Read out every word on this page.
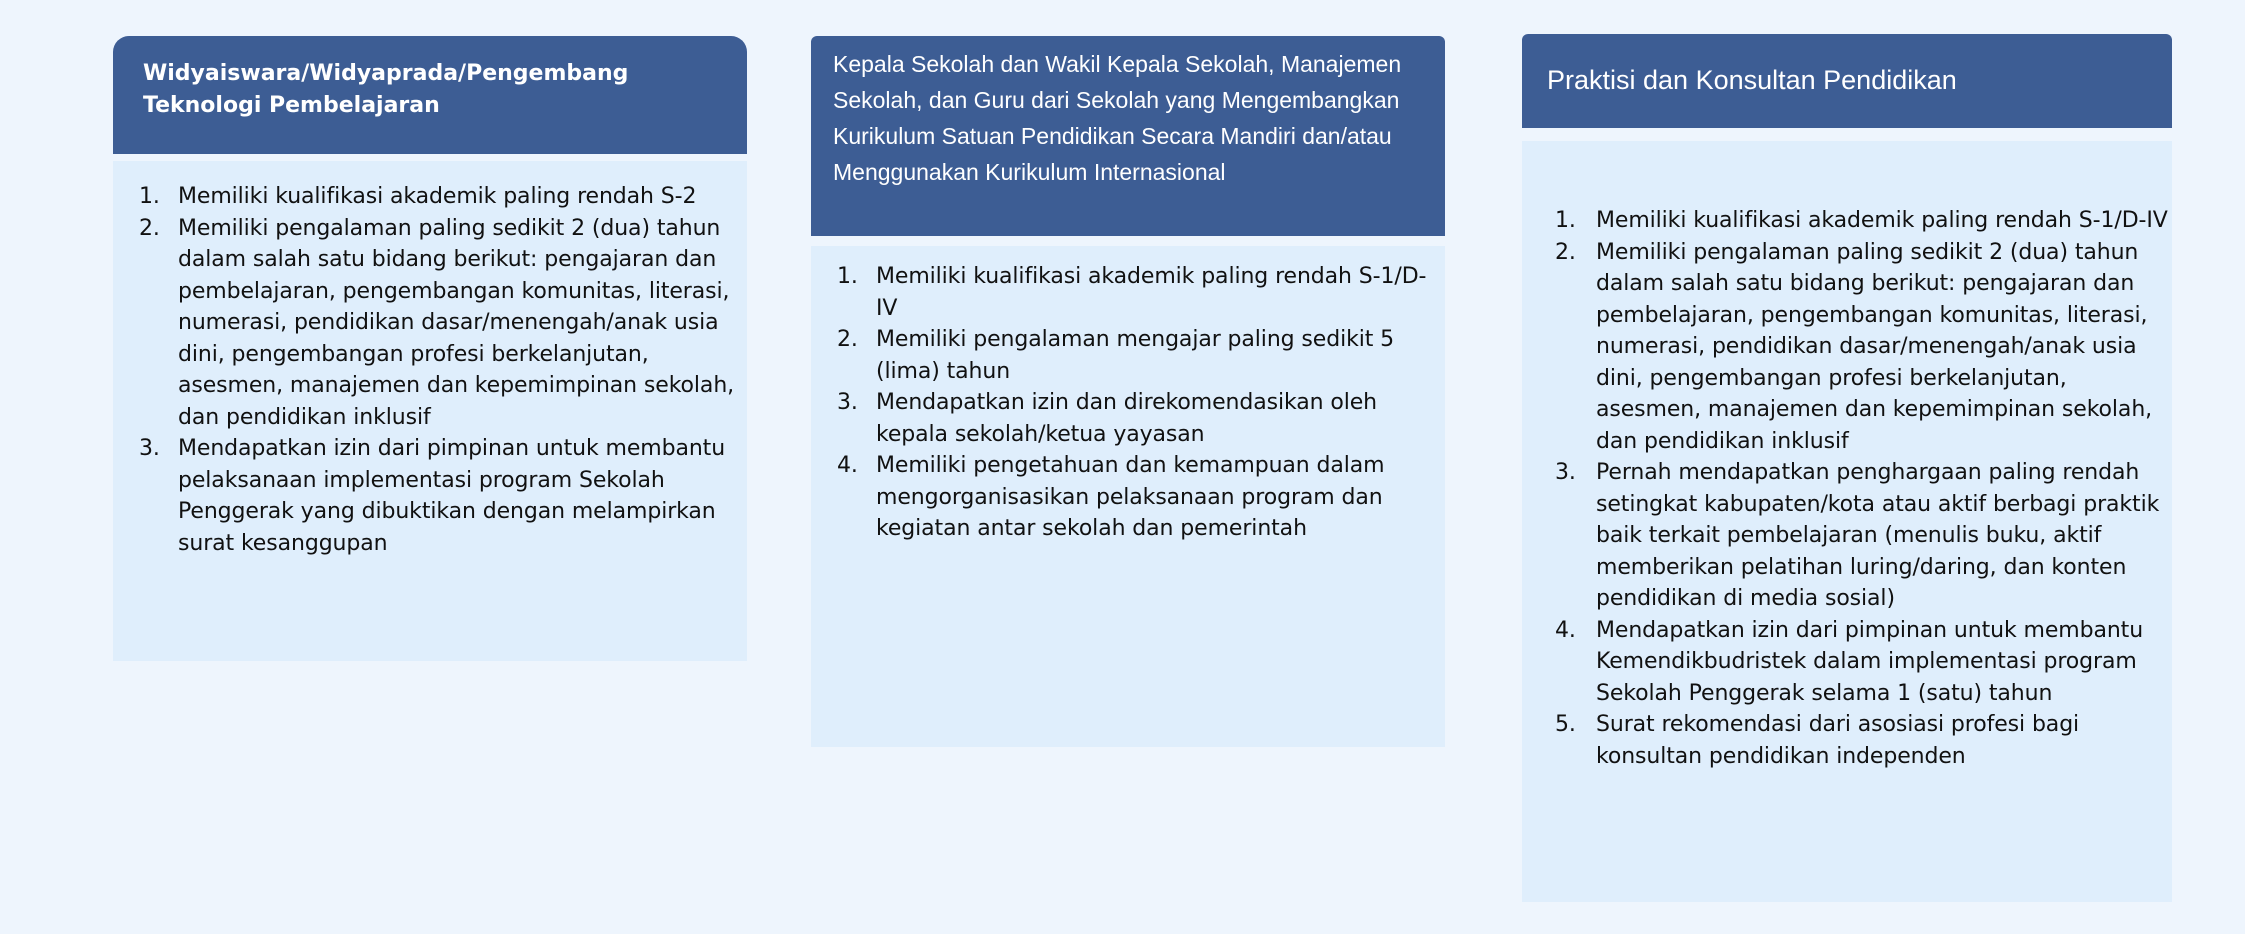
Widyaiswara/Widyaprada/Pengembang Teknologi Pembelajaran
1. Memiliki kualifikasi akademik paling rendah S-2
2. Memiliki pengalaman paling sedikit 2 (dua) tahun dalam salah satu bidang berikut: pengajaran dan pembelajaran, pengembangan komunitas, literasi, numerasi, pendidikan dasar/menengah/anak usia dini, pengembangan profesi berkelanjutan, asesmen, manajemen dan kepemimpinan sekolah, dan pendidikan inklusif
3. Mendapatkan izin dari pimpinan untuk membantu pelaksanaan implementasi program Sekolah Penggerak yang dibuktikan dengan melampirkan surat kesanggupan
Kepala Sekolah dan Wakil Kepala Sekolah, Manajemen Sekolah, dan Guru dari Sekolah yang Mengembangkan Kurikulum Satuan Pendidikan Secara Mandiri dan/atau Menggunakan Kurikulum Internasional
1. Memiliki kualifikasi akademik paling rendah S-1/D-IV
2. Memiliki pengalaman mengajar paling sedikit 5 (lima) tahun
3. Mendapatkan izin dan direkomendasikan oleh kepala sekolah/ketua yayasan
4. Memiliki pengetahuan dan kemampuan dalam mengorganisasikan pelaksanaan program dan kegiatan antar sekolah dan pemerintah
Praktisi dan Konsultan Pendidikan
1. Memiliki kualifikasi akademik paling rendah S-1/D-IV
2. Memiliki pengalaman paling sedikit 2 (dua) tahun dalam salah satu bidang berikut: pengajaran dan pembelajaran, pengembangan komunitas, literasi, numerasi, pendidikan dasar/menengah/anak usia dini, pengembangan profesi berkelanjutan, asesmen, manajemen dan kepemimpinan sekolah, dan pendidikan inklusif
3. Pernah mendapatkan penghargaan paling rendah setingkat kabupaten/kota atau aktif berbagi praktik baik terkait pembelajaran (menulis buku, aktif memberikan pelatihan luring/daring, dan konten pendidikan di media sosial)
4. Mendapatkan izin dari pimpinan untuk membantu Kemendikbudristek dalam implementasi program Sekolah Penggerak selama 1 (satu) tahun
5. Surat rekomendasi dari asosiasi profesi bagi konsultan pendidikan independen
